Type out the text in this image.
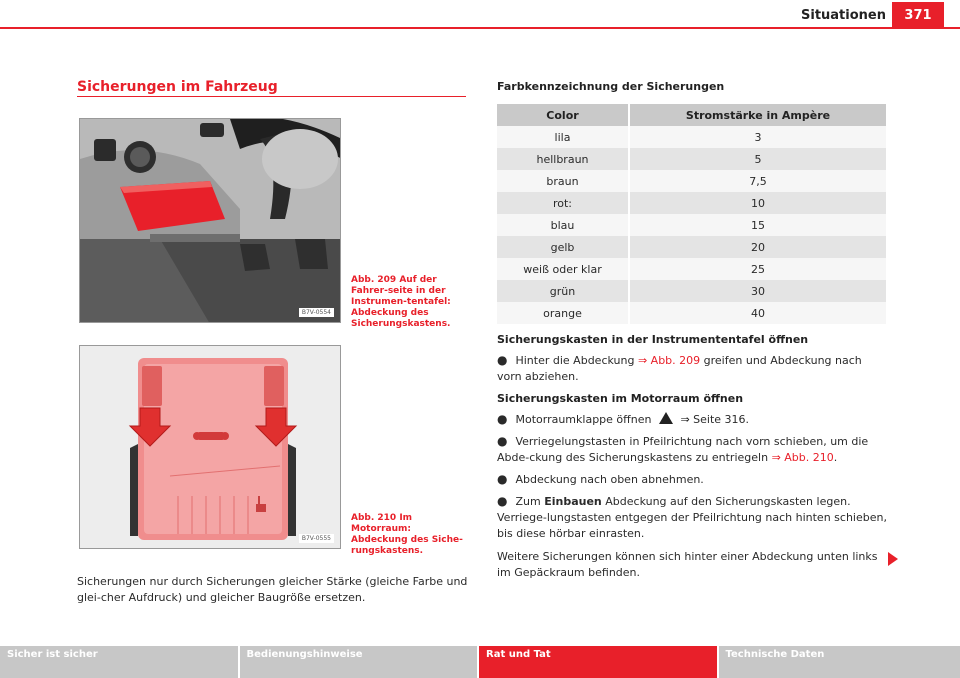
Situationen	371
Sicherungen im Fahrzeug
B7V-0554
Abb. 209 Auf der Fahrer-seite in der Instrumen-tentafel: Abdeckung des Sicherungskastens.
B7V-0555
Abb. 210 Im Motorraum: Abdeckung des Siche-rungskastens.
Sicherungen nur durch Sicherungen gleicher Stärke (gleiche Farbe und glei-cher Aufdruck) und gleicher Baugröße ersetzen.
Farbkennzeichnung der Sicherungen
Color	Stromstärke in Ampère
lila	3
hellbraun	5
braun	7,5
rot:	10
blau	15
gelb	20
weiß oder klar	25
grün	30
orange	40
Sicherungskasten in der Instrumententafel öffnen
● Hinter die Abdeckung ⇒ Abb. 209 greifen und Abdeckung nach vorn abziehen.
Sicherungskasten im Motorraum öffnen
● Motorraumklappe öffnen  ⇒ Seite 316.
● Verriegelungstasten in Pfeilrichtung nach vorn schieben, um die Abde-ckung des Sicherungskastens zu entriegeln ⇒ Abb. 210.
● Abdeckung nach oben abnehmen.
● Zum Einbauen Abdeckung auf den Sicherungskasten legen. Verriege-lungstasten entgegen der Pfeilrichtung nach hinten schieben, bis diese hörbar einrasten.
Weitere Sicherungen können sich hinter einer Abdeckung unten links im Gepäckraum befinden.
Sicher ist sicher	Bedienungshinweise	Rat und Tat	Technische Daten
